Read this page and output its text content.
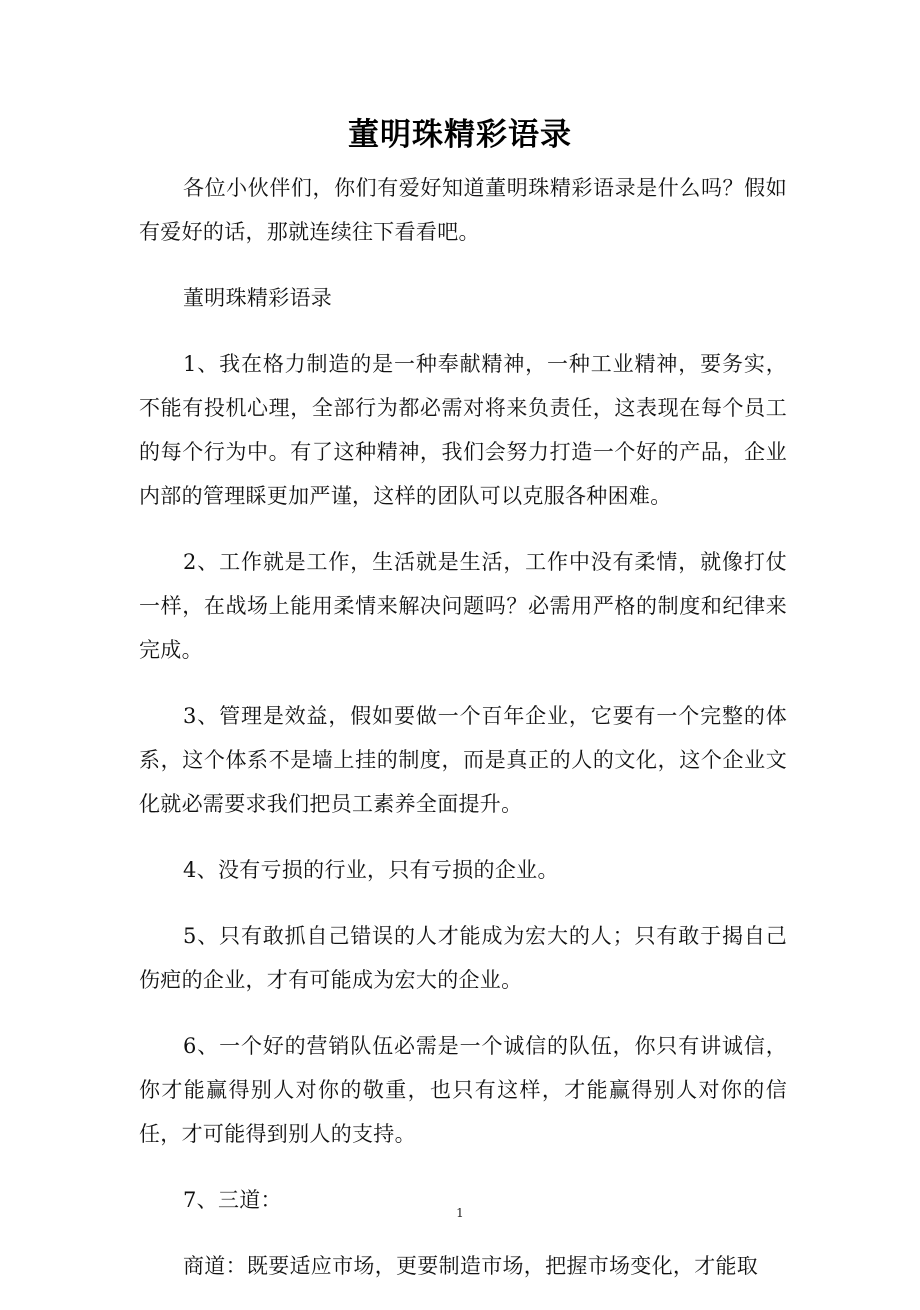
董明珠精彩语录

各位小伙伴们，你们有爱好知道董明珠精彩语录是什么吗？假如有爱好的话，那就连续往下看看吧。

董明珠精彩语录

1、我在格力制造的是一种奉献精神，一种工业精神，要务实，不能有投机心理，全部行为都必需对将来负责任，这表现在每个员工的每个行为中。有了这种精神，我们会努力打造一个好的产品，企业内部的管理睬更加严谨，这样的团队可以克服各种困难。

2、工作就是工作，生活就是生活，工作中没有柔情，就像打仗一样，在战场上能用柔情来解决问题吗？必需用严格的制度和纪律来完成。

3、管理是效益，假如要做一个百年企业，它要有一个完整的体系，这个体系不是墙上挂的制度，而是真正的人的文化，这个企业文化就必需要求我们把员工素养全面提升。

4、没有亏损的行业，只有亏损的企业。

5、只有敢抓自己错误的人才能成为宏大的人；只有敢于揭自己伤疤的企业，才有可能成为宏大的企业。

6、一个好的营销队伍必需是一个诚信的队伍，你只有讲诚信，你才能赢得别人对你的敬重，也只有这样，才能赢得别人对你的信任，才可能得到别人的支持。

7、三道：

商道：既要适应市场，更要制造市场，把握市场变化，才能取

1
